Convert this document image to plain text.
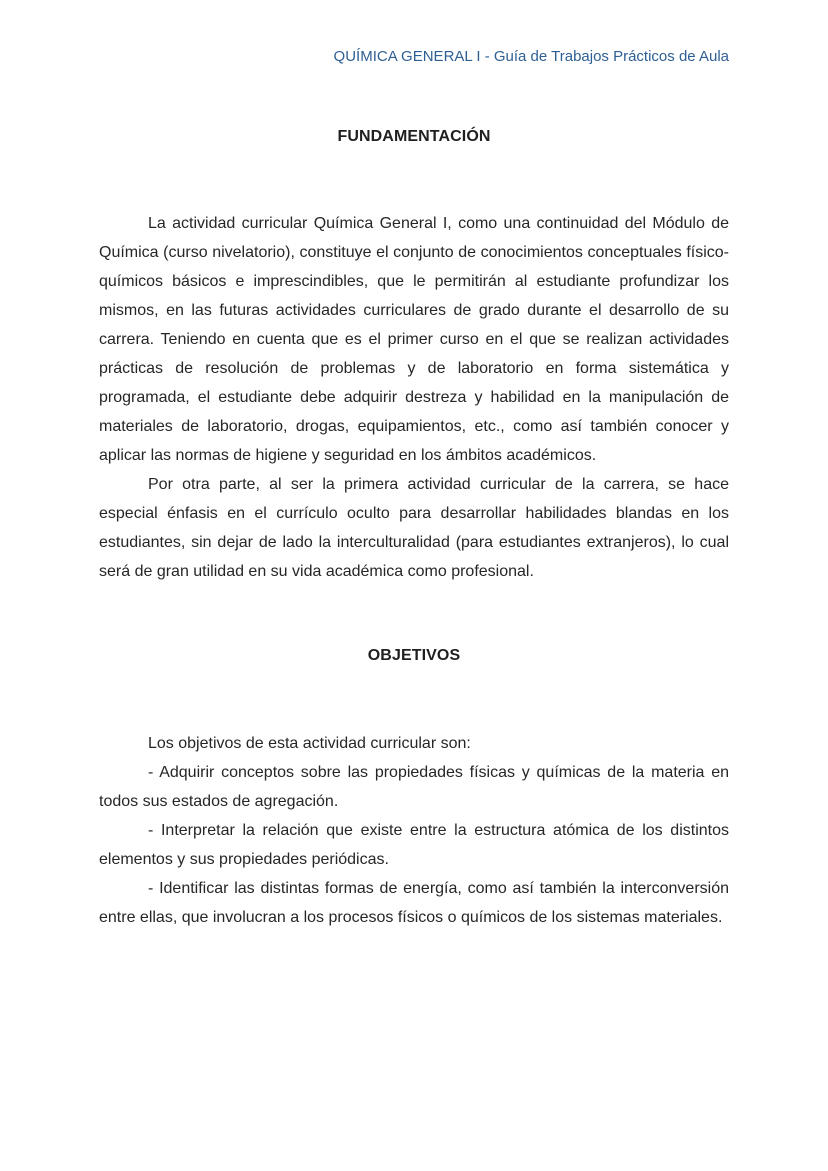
QUÍMICA GENERAL I - Guía de Trabajos Prácticos de Aula
FUNDAMENTACIÓN

La actividad curricular Química General I, como una continuidad del Módulo de Química (curso nivelatorio), constituye el conjunto de conocimientos conceptuales físico-químicos básicos e imprescindibles, que le permitirán al estudiante profundizar los mismos, en las futuras actividades curriculares de grado durante el desarrollo de su carrera. Teniendo en cuenta que es el primer curso en el que se realizan actividades prácticas de resolución de problemas y de laboratorio en forma sistemática y programada, el estudiante debe adquirir destreza y habilidad en la manipulación de materiales de laboratorio, drogas, equipamientos, etc., como así también conocer y aplicar las normas de higiene y seguridad en los ámbitos académicos.

Por otra parte, al ser la primera actividad curricular de la carrera, se hace especial énfasis en el currículo oculto para desarrollar habilidades blandas en los estudiantes, sin dejar de lado la interculturalidad (para estudiantes extranjeros), lo cual será de gran utilidad en su vida académica como profesional.

OBJETIVOS

Los objetivos de esta actividad curricular son:

- Adquirir conceptos sobre las propiedades físicas y químicas de la materia en todos sus estados de agregación.

- Interpretar la relación que existe entre la estructura atómica de los distintos elementos y sus propiedades periódicas.

- Identificar las distintas formas de energía, como así también la interconversión entre ellas, que involucran a los procesos físicos o químicos de los sistemas materiales.
